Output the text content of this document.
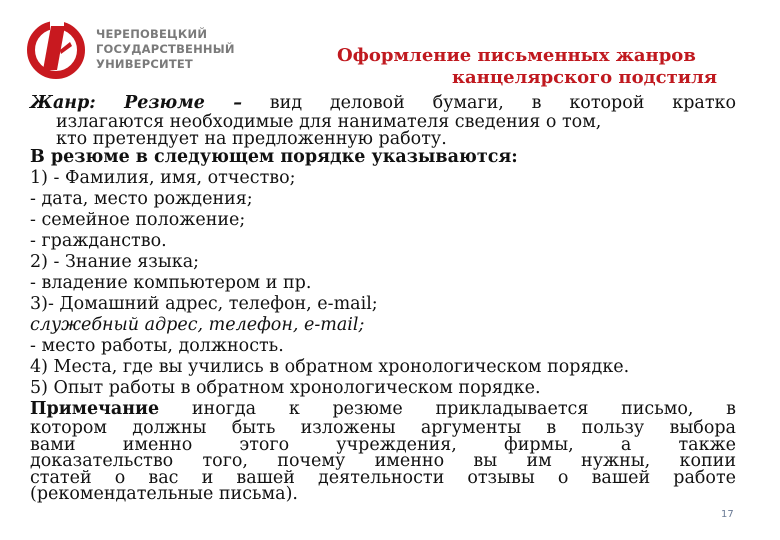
ЧЕРЕПОВЕЦКИЙ
ГОСУДАРСТВЕННЫЙ
УНИВЕРСИТЕТ	Оформление письменных жанров
канцелярского подстиля
Жанр: Резюме – вид деловой бумаги, в которой кратко
излагаются необходимые для нанимателя сведения о том,
кто претендует на предложенную работу.
В резюме в следующем порядке указываются:
1) - Фамилия, имя, отчество;
- дата, место рождения;
- семейное положение;
- гражданство.
2) - Знание языка;
- владение компьютером и пр.
3)- Домашний адрес, телефон, e-mail;
служебный адрес, телефон, e-mail;
- место работы, должность.
4) Места, где вы учились в обратном хронологическом порядке.
5) Опыт работы в обратном хронологическом порядке.
Примечание иногда к резюме прикладывается письмо, в
котором должны быть изложены аргументы в пользу выбора
вами именно этого учреждения, фирмы, а также
доказательство того, почему именно вы им нужны, копии
статей о вас и вашей деятельности отзывы о вашей работе
(рекомендательные письма).
17
